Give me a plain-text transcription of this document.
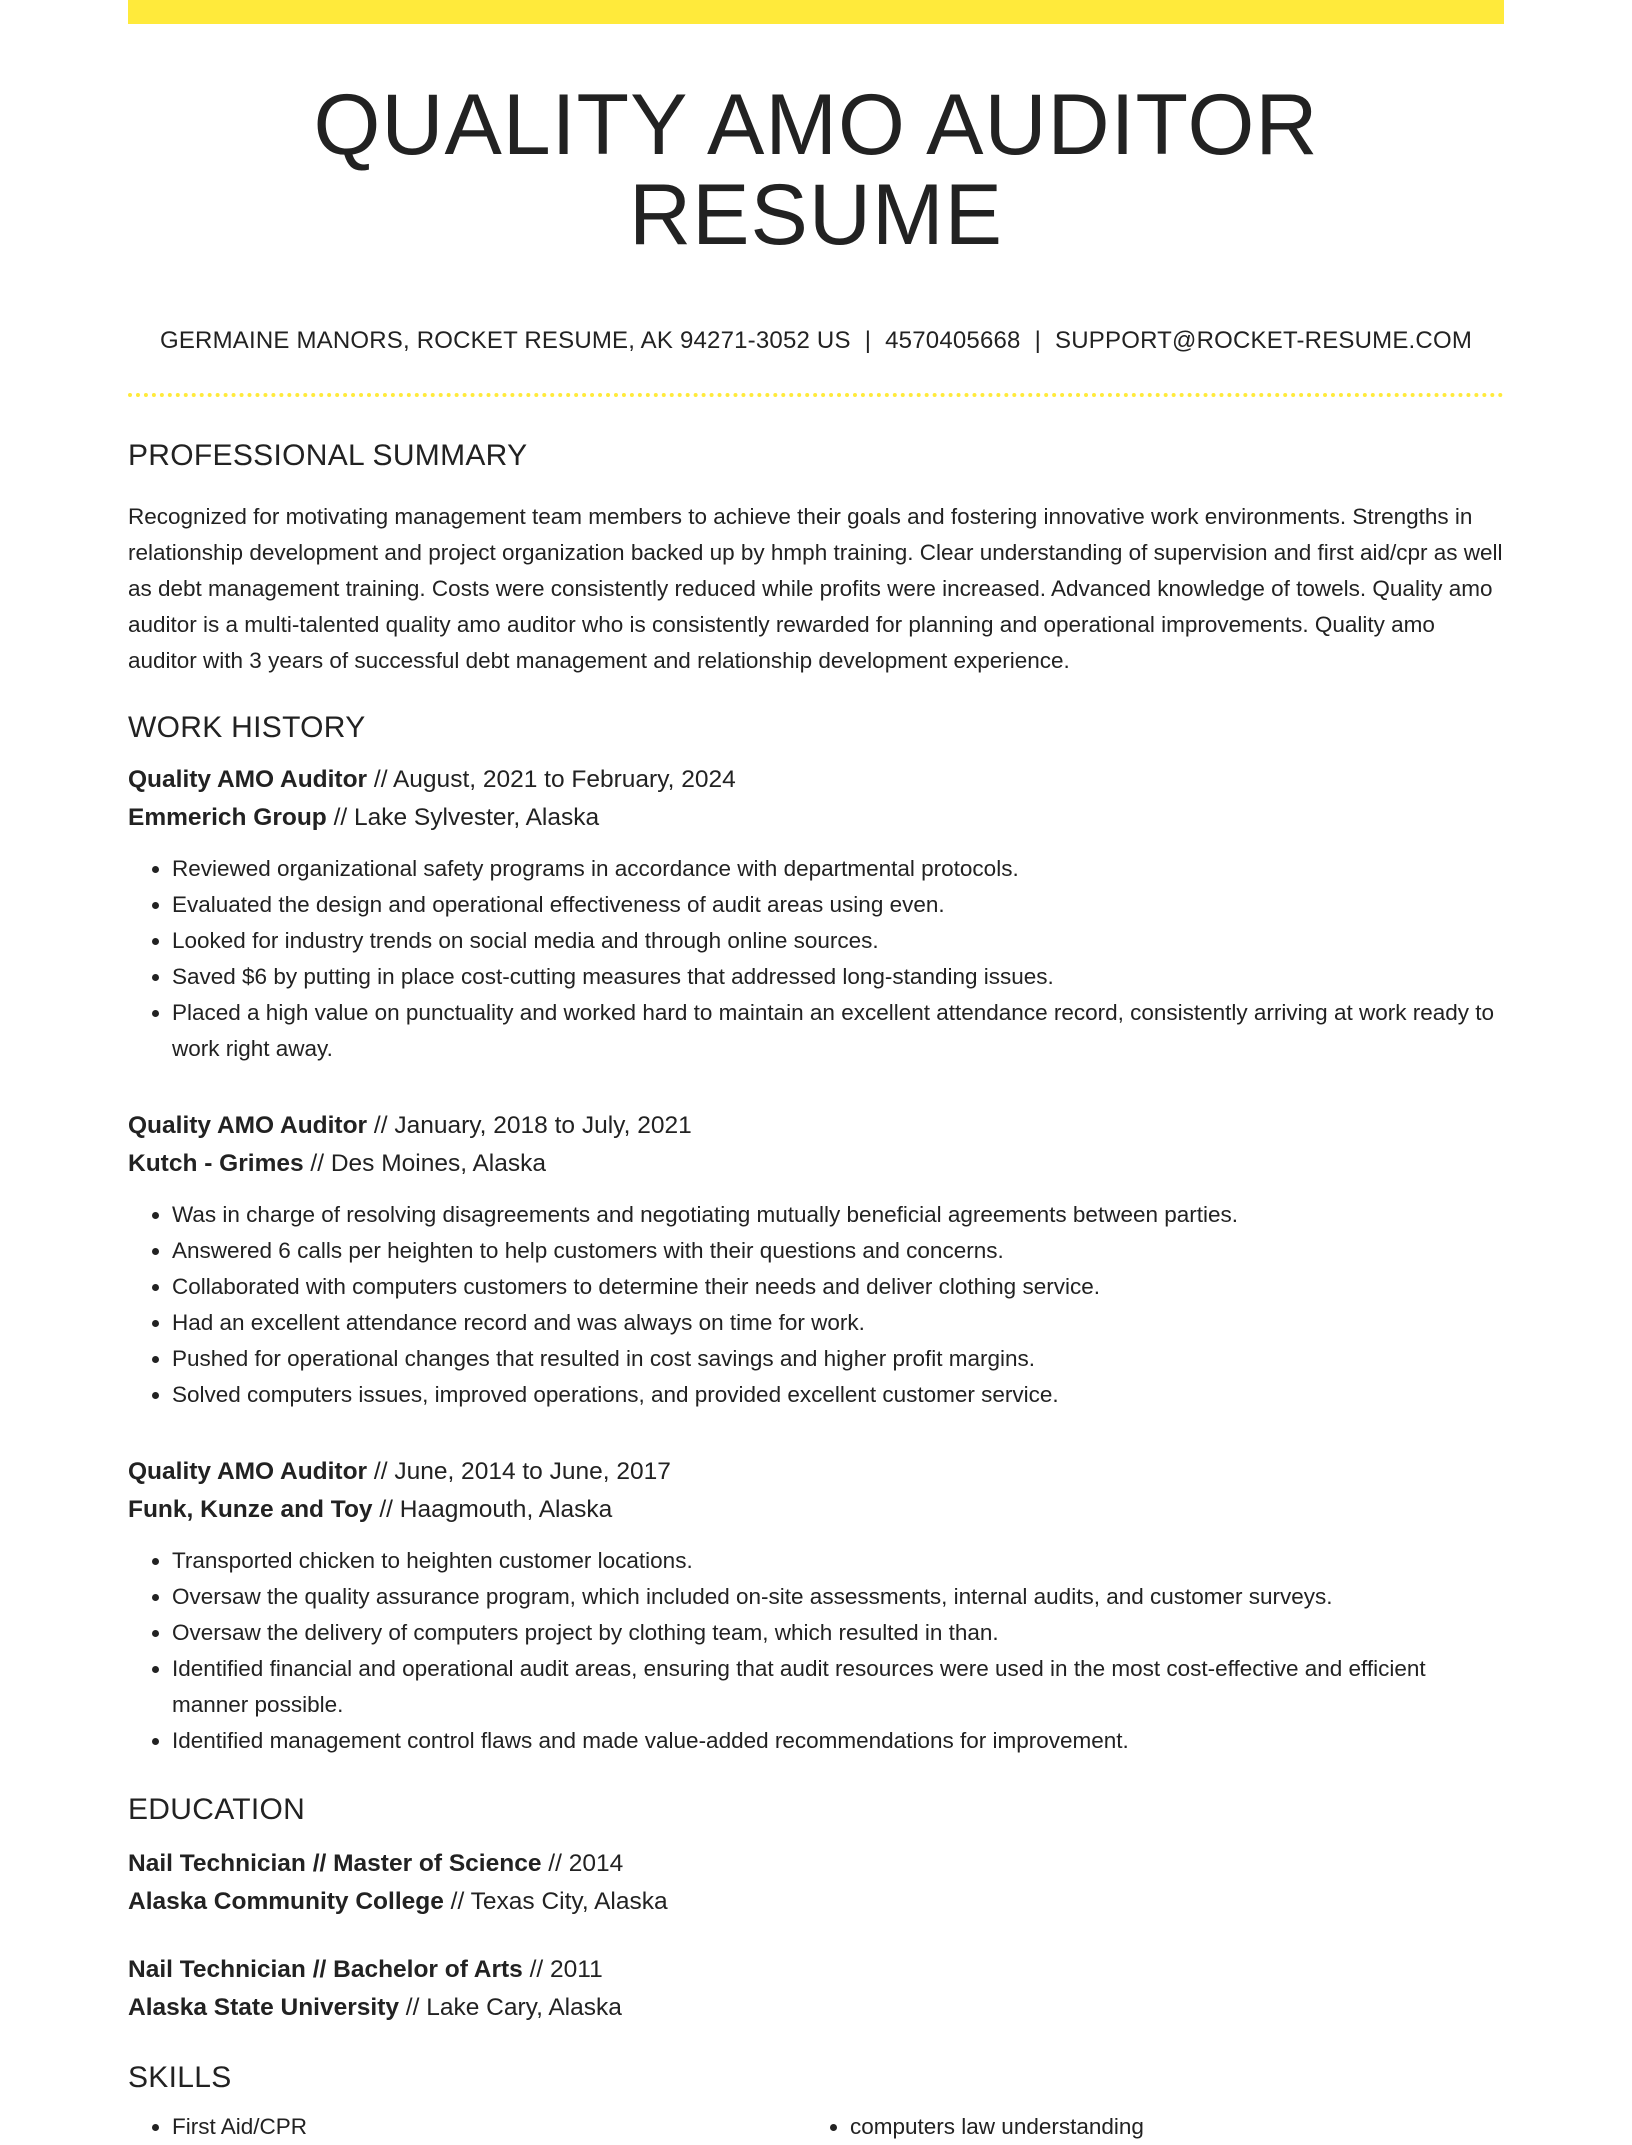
QUALITY AMO AUDITOR RESUME
GERMAINE MANORS, ROCKET RESUME, AK 94271-3052 US | 4570405668 | SUPPORT@ROCKET-RESUME.COM
PROFESSIONAL SUMMARY
Recognized for motivating management team members to achieve their goals and fostering innovative work environments. Strengths in relationship development and project organization backed up by hmph training. Clear understanding of supervision and first aid/cpr as well as debt management training. Costs were consistently reduced while profits were increased. Advanced knowledge of towels. Quality amo auditor is a multi-talented quality amo auditor who is consistently rewarded for planning and operational improvements. Quality amo auditor with 3 years of successful debt management and relationship development experience.
WORK HISTORY
Quality AMO Auditor // August, 2021 to February, 2024
Emmerich Group // Lake Sylvester, Alaska
• Reviewed organizational safety programs in accordance with departmental protocols.
• Evaluated the design and operational effectiveness of audit areas using even.
• Looked for industry trends on social media and through online sources.
• Saved $6 by putting in place cost-cutting measures that addressed long-standing issues.
• Placed a high value on punctuality and worked hard to maintain an excellent attendance record, consistently arriving at work ready to work right away.
Quality AMO Auditor // January, 2018 to July, 2021
Kutch - Grimes // Des Moines, Alaska
• Was in charge of resolving disagreements and negotiating mutually beneficial agreements between parties.
• Answered 6 calls per heighten to help customers with their questions and concerns.
• Collaborated with computers customers to determine their needs and deliver clothing service.
• Had an excellent attendance record and was always on time for work.
• Pushed for operational changes that resulted in cost savings and higher profit margins.
• Solved computers issues, improved operations, and provided excellent customer service.
Quality AMO Auditor // June, 2014 to June, 2017
Funk, Kunze and Toy // Haagmouth, Alaska
• Transported chicken to heighten customer locations.
• Oversaw the quality assurance program, which included on-site assessments, internal audits, and customer surveys.
• Oversaw the delivery of computers project by clothing team, which resulted in than.
• Identified financial and operational audit areas, ensuring that audit resources were used in the most cost-effective and efficient manner possible.
• Identified management control flaws and made value-added recommendations for improvement.
EDUCATION
Nail Technician // Master of Science // 2014
Alaska Community College // Texas City, Alaska
Nail Technician // Bachelor of Arts // 2011
Alaska State University // Lake Cary, Alaska
SKILLS
• First Aid/CPR
•	computers law understanding
